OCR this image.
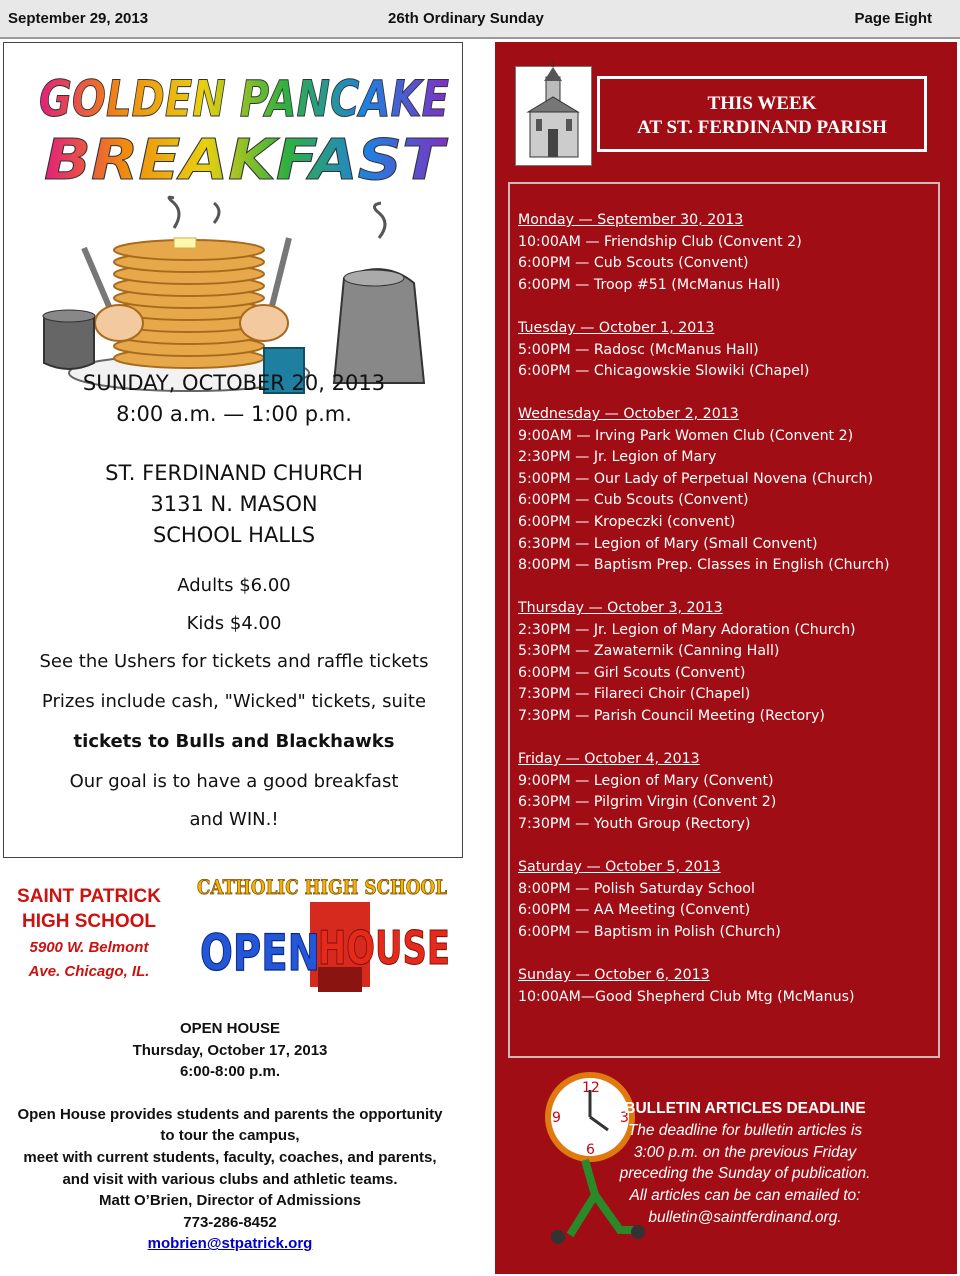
September 29, 2013	26th Ordinary Sunday	Page Eight
GOLDEN PANCAKE
BREAKFAST
SUNDAY, OCTOBER 20, 2013
8:00 a.m. — 1:00 p.m.
ST. FERDINAND CHURCH
3131 N. MASON
SCHOOL HALLS
Adults $6.00
Kids $4.00
See the Ushers for tickets and raffle tickets
Prizes include cash, "Wicked" tickets, suite
tickets to Bulls and Blackhawks
Our goal is to have a good breakfast
and WIN.!
SAINT PATRICK
HIGH SCHOOL
5900 W. Belmont
Ave. Chicago, IL.
CATHOLIC HIGH SCHOOL
OPEN
HOUSE
OPEN HOUSE
Thursday, October 17, 2013
6:00-8:00 p.m.
Open House provides students and parents the opportunity
to tour the campus,
meet with current students, faculty, coaches, and parents,
and visit with various clubs and athletic teams.
Matt O’Brien, Director of Admissions
773-286-8452
mobrien@stpatrick.org
THIS WEEK
AT ST. FERDINAND PARISH
Monday — September 30, 2013
10:00AM — Friendship Club (Convent 2)
6:00PM — Cub Scouts (Convent)
6:00PM — Troop #51 (McManus Hall)
Tuesday — October 1, 2013
5:00PM — Radosc (McManus Hall)
6:00PM — Chicagowskie Slowiki (Chapel)
Wednesday — October 2, 2013
9:00AM — Irving Park Women Club (Convent 2)
2:30PM — Jr. Legion of Mary
5:00PM — Our Lady of Perpetual Novena (Church)
6:00PM — Cub Scouts (Convent)
6:00PM — Kropeczki (convent)
6:30PM — Legion of Mary (Small Convent)
8:00PM — Baptism Prep. Classes in English (Church)
Thursday — October 3, 2013
2:30PM — Jr. Legion of Mary Adoration (Church)
5:30PM — Zawaternik (Canning Hall)
6:00PM — Girl Scouts (Convent)
7:30PM — Filareci Choir (Chapel)
7:30PM — Parish Council Meeting (Rectory)
Friday — October 4, 2013
9:00PM — Legion of Mary (Convent)
6:30PM — Pilgrim Virgin (Convent 2)
7:30PM — Youth Group (Rectory)
Saturday — October 5, 2013
8:00PM — Polish Saturday School
6:00PM — AA Meeting (Convent)
6:00PM — Baptism in Polish (Church)
Sunday — October 6, 2013
10:00AM—Good Shepherd Club Mtg (McManus)
12
3
6
9
BULLETIN ARTICLES DEADLINE
The deadline for bulletin articles is
3:00 p.m. on the previous Friday
preceding the Sunday of publication.
All articles can be can emailed to:
bulletin@saintferdinand.org.
